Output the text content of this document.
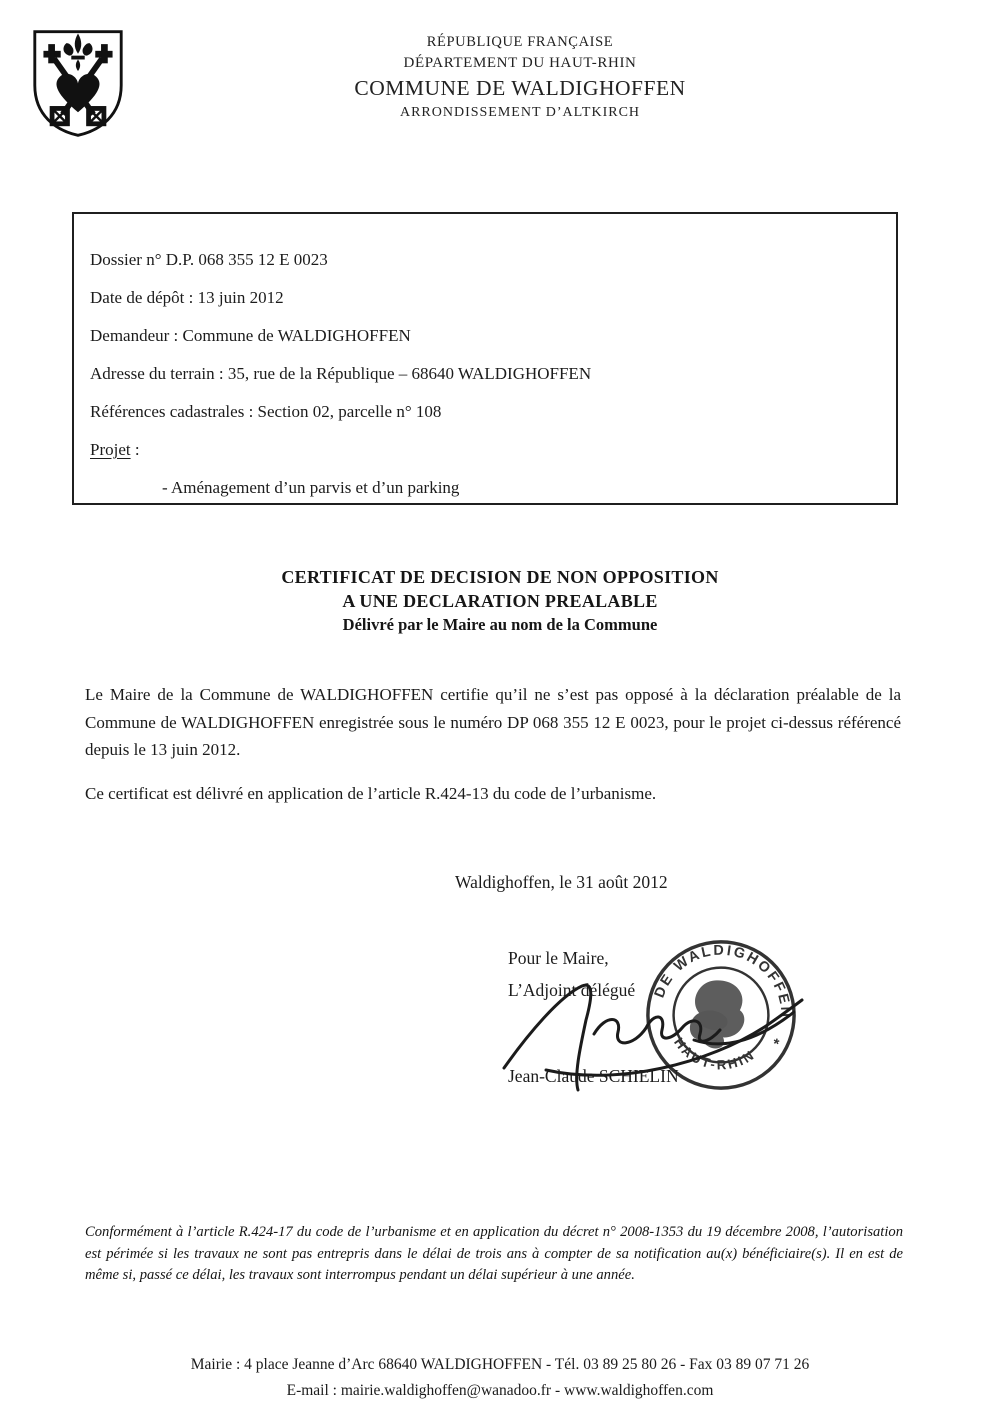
RÉPUBLIQUE FRANÇAISE
DÉPARTEMENT DU HAUT-RHIN
COMMUNE DE WALDIGHOFFEN
ARRONDISSEMENT D’ALTKIRCH
Dossier n° D.P. 068 355 12 E 0023
Date de dépôt : 13 juin 2012
Demandeur : Commune de WALDIGHOFFEN
Adresse du terrain : 35, rue de la République – 68640 WALDIGHOFFEN
Références cadastrales : Section 02, parcelle n° 108
Projet :
- Aménagement d’un parvis et d’un parking
CERTIFICAT DE DECISION DE NON OPPOSITION
A UNE DECLARATION PREALABLE
Délivré par le Maire au nom de la Commune
Le Maire de la Commune de WALDIGHOFFEN certifie qu’il ne s’est pas opposé à la déclaration préalable de la Commune de WALDIGHOFFEN enregistrée sous le numéro DP 068 355 12 E 0023, pour le projet ci-dessus référencé depuis le 13 juin 2012.
Ce certificat est délivré en application de l’article R.424-13 du code de l’urbanisme.
Waldighoffen, le 31 août 2012
Pour le Maire,
L’Adjoint délégué DE WALDIGHOFFEN
HAUT-RHIN
*
Jean-Claude SCHIELIN
Conformément à l’article R.424-17 du code de l’urbanisme et en application du décret n° 2008-1353 du 19 décembre 2008, l’autorisation est périmée si les travaux ne sont pas entrepris dans le délai de trois ans à compter de sa notification au(x) bénéficiaire(s). Il en est de même si, passé ce délai, les travaux sont interrompus pendant un délai supérieur à une année.
Mairie : 4 place Jeanne d’Arc 68640 WALDIGHOFFEN - Tél. 03 89 25 80 26 - Fax 03 89 07 71 26
E-mail : mairie.waldighoffen@wanadoo.fr - www.waldighoffen.com
